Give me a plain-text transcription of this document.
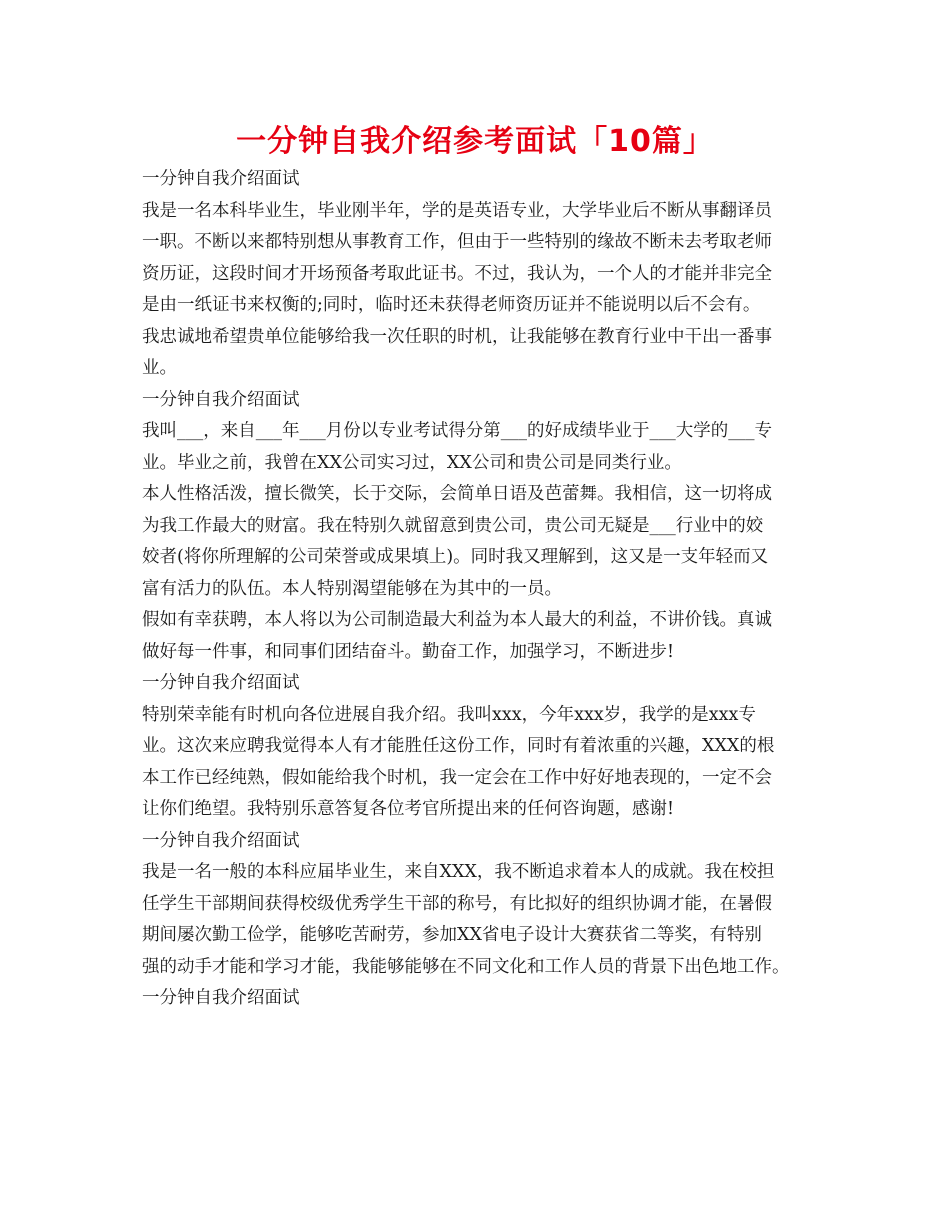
一分钟自我介绍参考面试「10篇」
一分钟自我介绍面试
我是一名本科毕业生，毕业刚半年，学的是英语专业，大学毕业后不断从事翻译员
一职。不断以来都特别想从事教育工作，但由于一些特别的缘故不断未去考取老师
资历证，这段时间才开场预备考取此证书。不过，我认为，一个人的才能并非完全
是由一纸证书来权衡的;同时，临时还未获得老师资历证并不能说明以后不会有。
我忠诚地希望贵单位能够给我一次任职的时机，让我能够在教育行业中干出一番事
业。
一分钟自我介绍面试
我叫___，来自___年___月份以专业考试得分第___的好成绩毕业于___大学的___专
业。毕业之前，我曾在XX公司实习过，XX公司和贵公司是同类行业。
本人性格活泼，擅长微笑，长于交际，会简单日语及芭蕾舞。我相信，这一切将成
为我工作最大的财富。我在特别久就留意到贵公司，贵公司无疑是___行业中的姣
姣者(将你所理解的公司荣誉或成果填上)。同时我又理解到，这又是一支年轻而又
富有活力的队伍。本人特别渴望能够在为其中的一员。
假如有幸获聘，本人将以为公司制造最大利益为本人最大的利益，不讲价钱。真诚
做好每一件事，和同事们团结奋斗。勤奋工作，加强学习，不断进步!
一分钟自我介绍面试
特别荣幸能有时机向各位进展自我介绍。我叫xxx，今年xxx岁，我学的是xxx专
业。这次来应聘我觉得本人有才能胜任这份工作，同时有着浓重的兴趣，XXX的根
本工作已经纯熟，假如能给我个时机，我一定会在工作中好好地表现的，一定不会
让你们绝望。我特别乐意答复各位考官所提出来的任何咨询题，感谢!
一分钟自我介绍面试
我是一名一般的本科应届毕业生，来自XXX，我不断追求着本人的成就。我在校担
任学生干部期间获得校级优秀学生干部的称号，有比拟好的组织协调才能，在暑假
期间屡次勤工俭学，能够吃苦耐劳，参加XX省电子设计大赛获省二等奖，有特别
强的动手才能和学习才能，我能够能够在不同文化和工作人员的背景下出色地工作。
一分钟自我介绍面试
